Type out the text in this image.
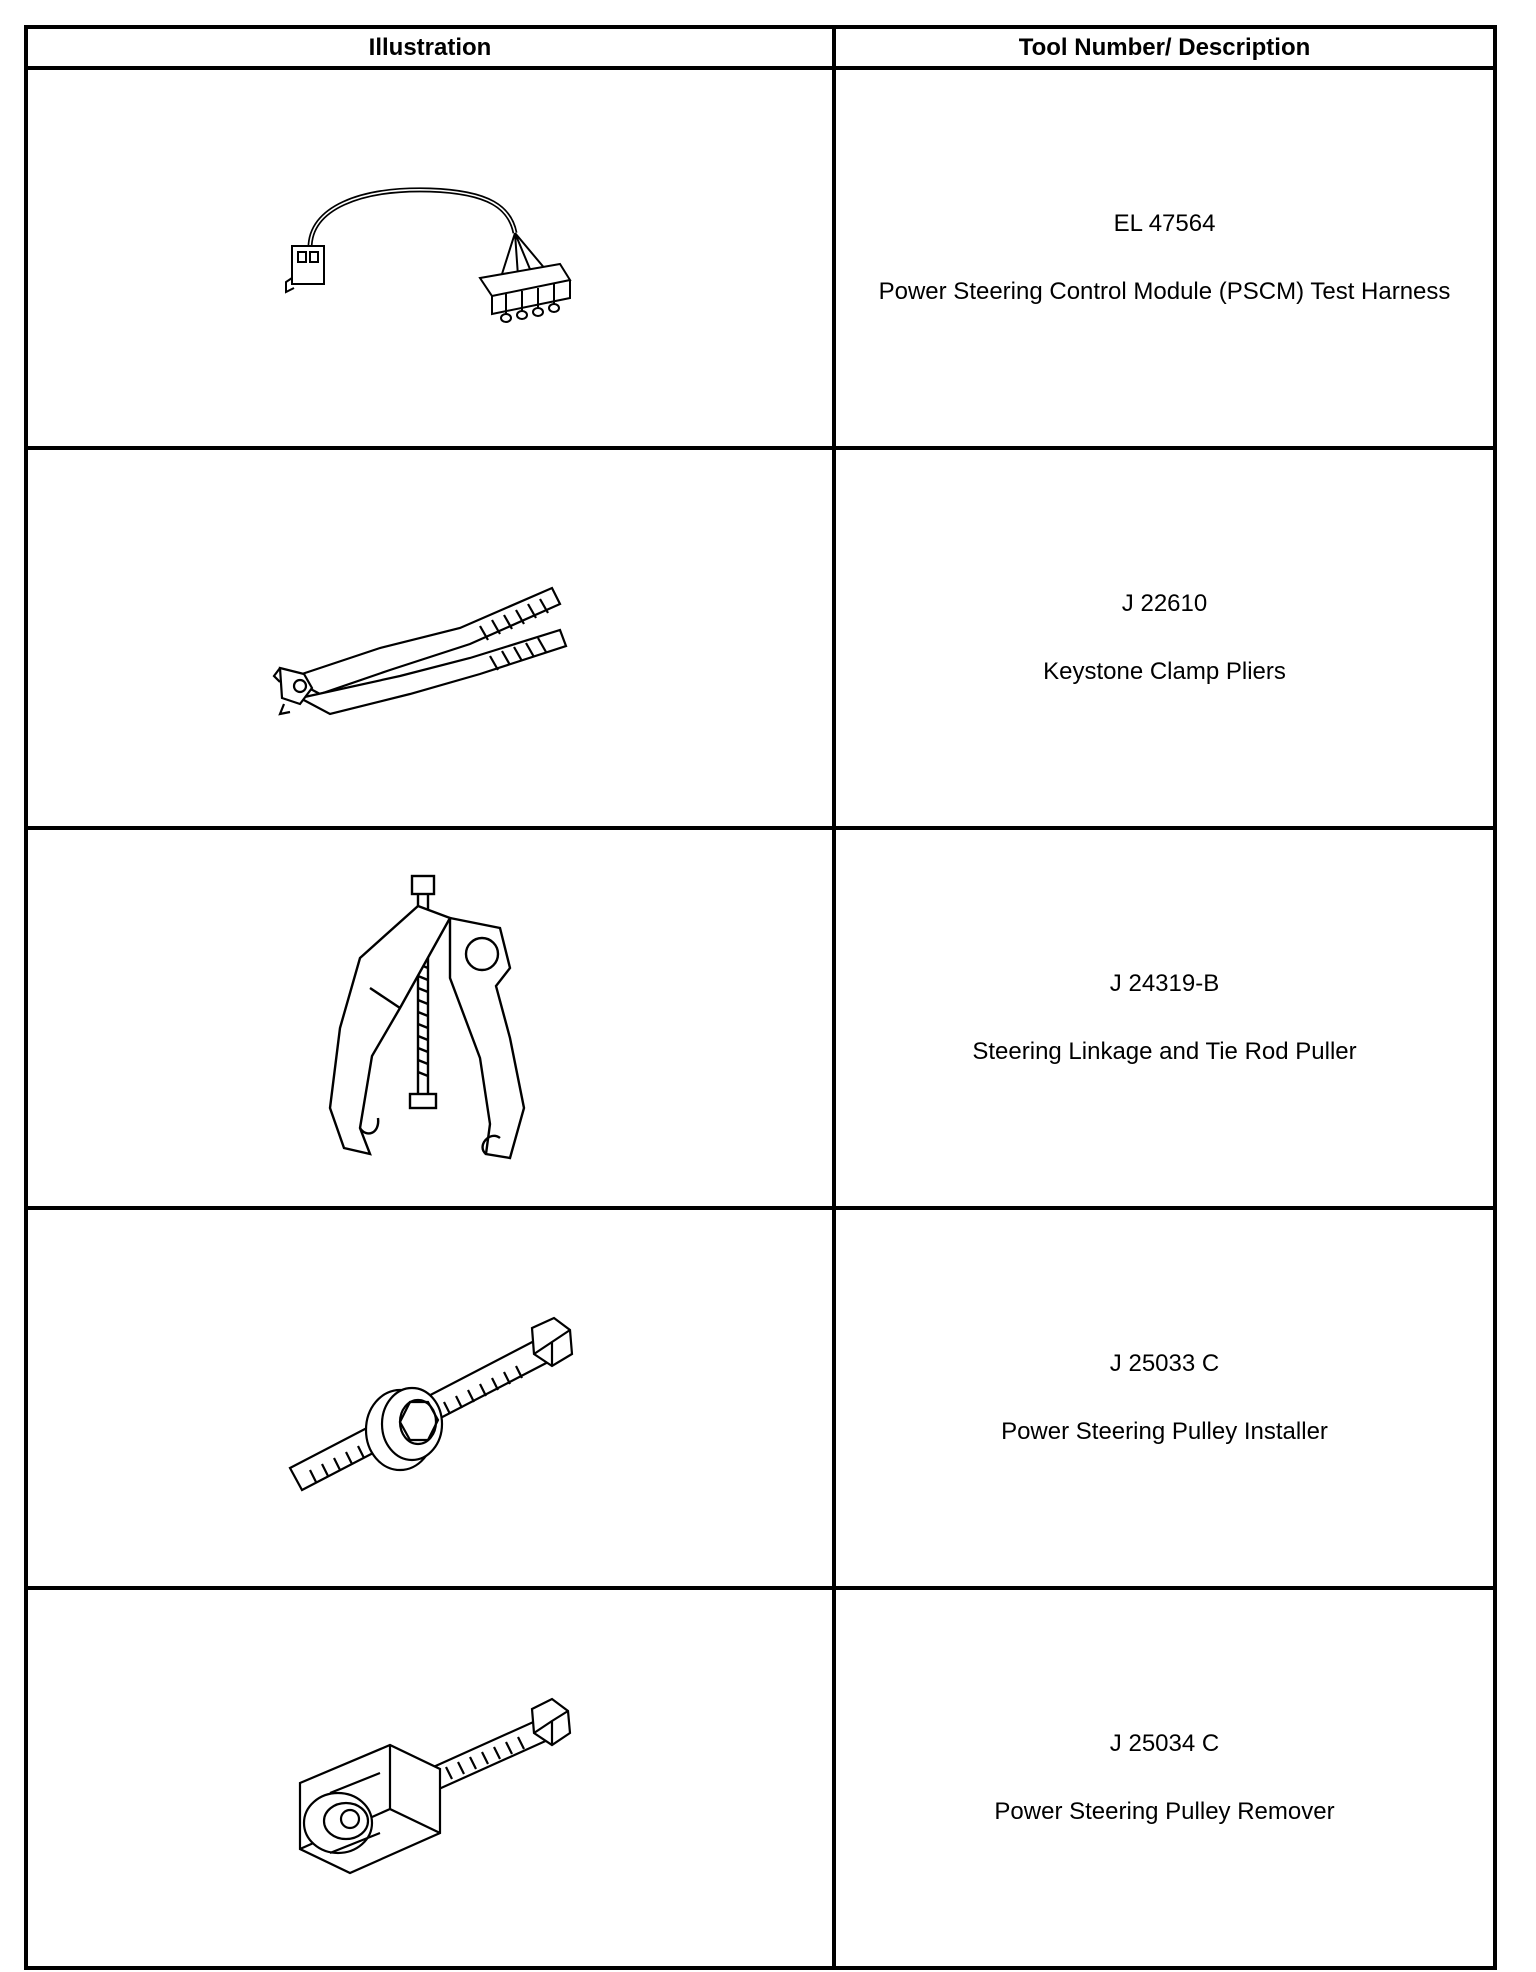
Illustration	Tool Number/ Description

EL 47564
Power Steering Control Module (PSCM) Test Harness

J 22610
Keystone Clamp Pliers

J 24319-B
Steering Linkage and Tie Rod Puller

J 25033 C
Power Steering Pulley Installer

J 25034 C
Power Steering Pulley Remover
